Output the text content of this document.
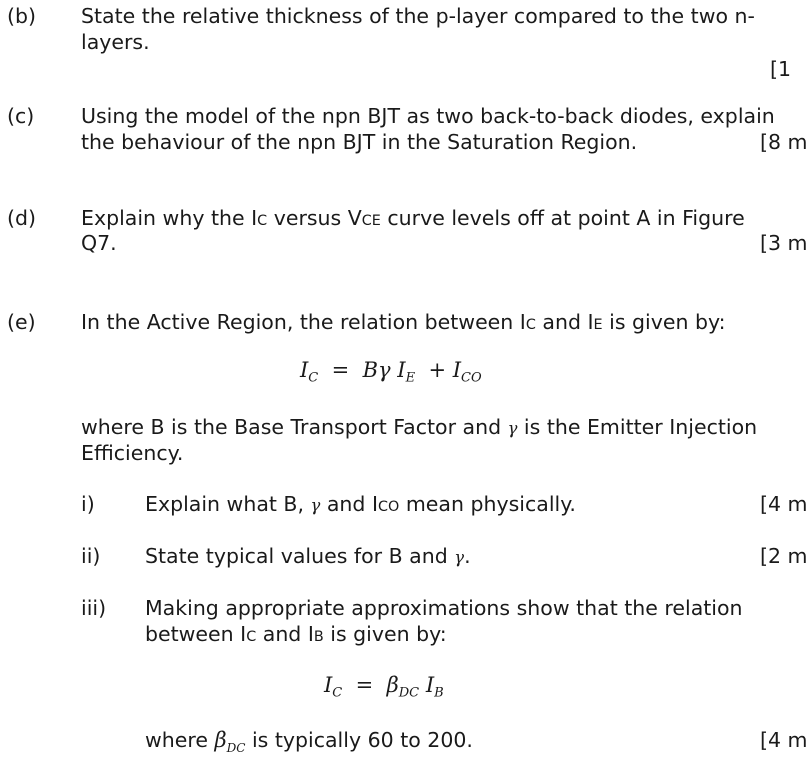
(b) State the relative thickness of the p-layer compared to the two n-
layers.
[1
(c) Using the model of the npn BJT as two back-to-back diodes, explain
the behaviour of the npn BJT in the Saturation Region.	[8 m
(d) Explain why the IC versus VCE curve levels off at point A in Figure
Q7.	[3 m
(e) In the Active Region, the relation between IC and IE is given by:
$I_C = B\gamma$ $I_E + I_{CO}$
where B is the Base Transport Factor and γ is the Emitter Injection
Efficiency.
i) Explain what B, γ and ICO mean physically.	[4 m
ii) State typical values for B and γ.	[2 m
iii) Making appropriate approximations show that the relation
between IC and IB is given by:
$I_C = \beta_{DC}$ $I_B$
where $\beta_{DC}$ is typically 60 to 200.	[4 m
